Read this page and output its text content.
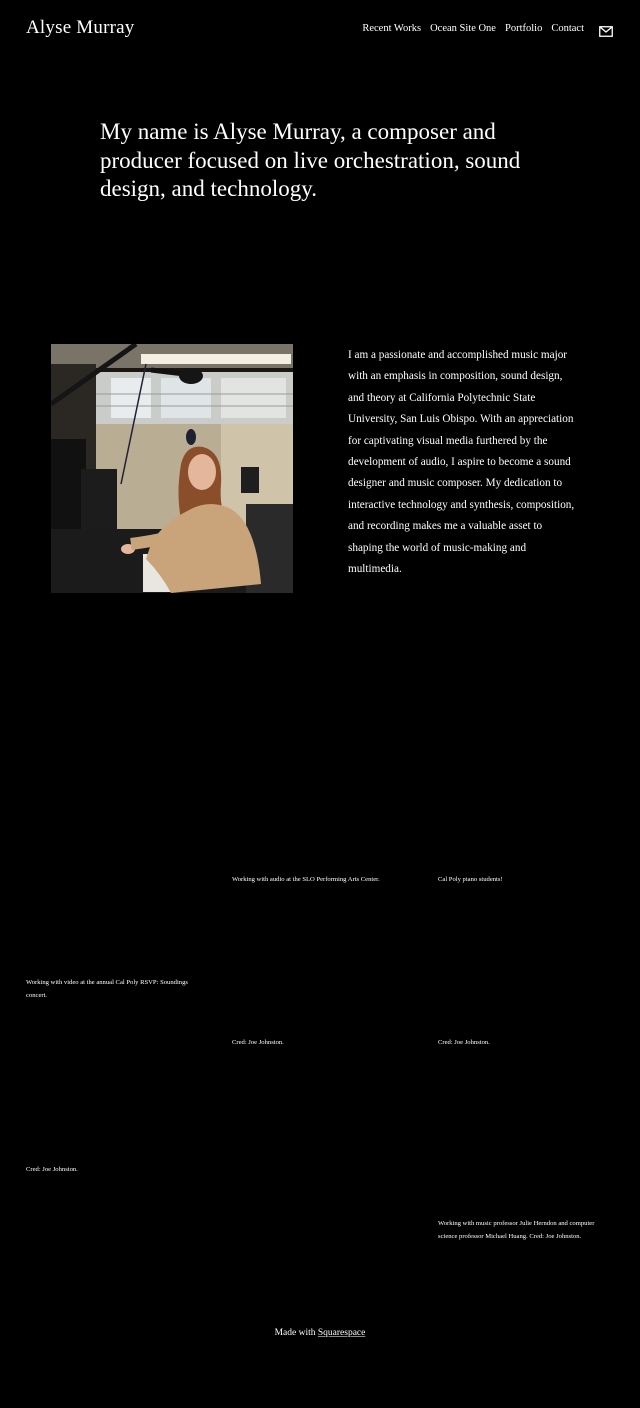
Alyse Murray	Recent Works Ocean Site One Portfolio Contact
My name is Alyse Murray, a composer and producer focused on live orchestration, sound design, and technology.

I am a passionate and accomplished music major with an emphasis in composition, sound design, and theory at California Polytechnic State University, San Luis Obispo. With an appreciation for captivating visual media furthered by the development of audio, I aspire to become a sound designer and music composer. My dedication to interactive technology and synthesis, composition, and recording makes me a valuable asset to shaping the world of music-making and multimedia.

Working with audio at the SLO Performing Arts Center.	Cal Poly piano students!

Working with video at the annual Cal Poly RSVP: Soundings concert.

Cred: Joe Johnston.	Cred: Joe Johnston.

Cred: Joe Johnston.

Working with music professor Julie Herndon and computer science professor Michael Huang. Cred: Joe Johnston.

Made with Squarespace
